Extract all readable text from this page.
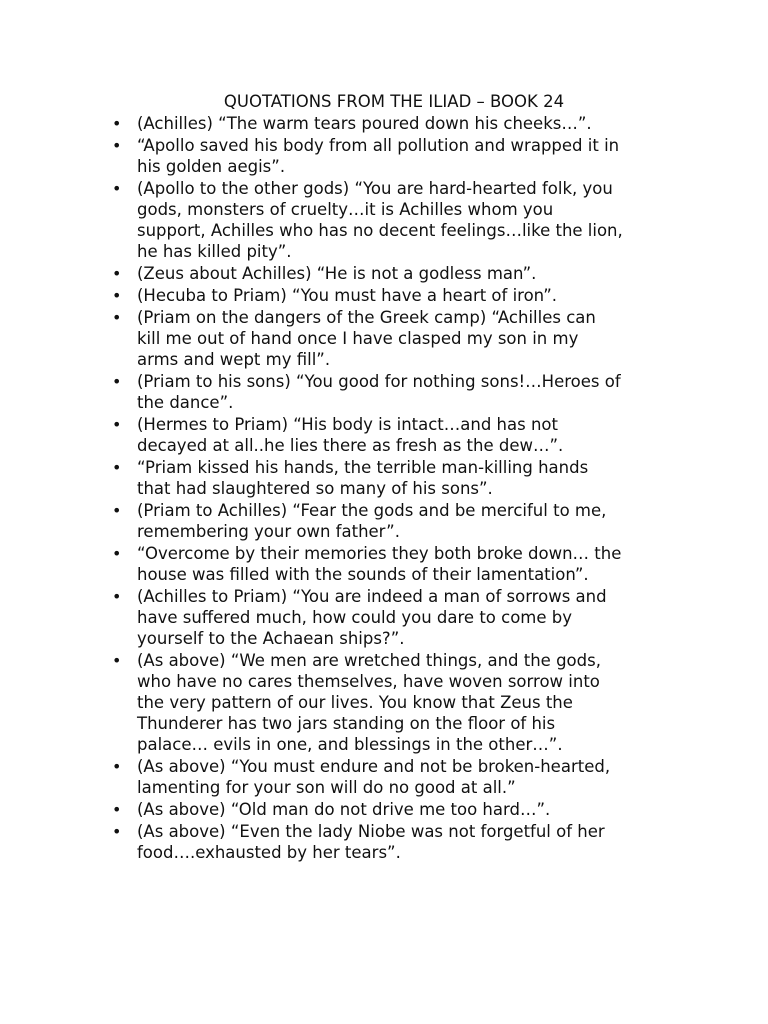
QUOTATIONS FROM THE ILIAD – BOOK 24
• (Achilles) “The warm tears poured down his cheeks…”.
• “Apollo saved his body from all pollution and wrapped it in
his golden aegis”.
• (Apollo to the other gods) “You are hard-hearted folk, you
gods, monsters of cruelty…it is Achilles whom you
support, Achilles who has no decent feelings…like the lion,
he has killed pity”.
• (Zeus about Achilles) “He is not a godless man”.
• (Hecuba to Priam) “You must have a heart of iron”.
• (Priam on the dangers of the Greek camp) “Achilles can
kill me out of hand once I have clasped my son in my
arms and wept my fill”.
• (Priam to his sons) “You good for nothing sons!…Heroes of
the dance”.
• (Hermes to Priam) “His body is intact…and has not
decayed at all..he lies there as fresh as the dew…”.
• “Priam kissed his hands, the terrible man-killing hands
that had slaughtered so many of his sons”.
• (Priam to Achilles) “Fear the gods and be merciful to me,
remembering your own father”.
• “Overcome by their memories they both broke down… the
house was filled with the sounds of their lamentation”.
• (Achilles to Priam) “You are indeed a man of sorrows and
have suffered much, how could you dare to come by
yourself to the Achaean ships?”.
• (As above) “We men are wretched things, and the gods,
who have no cares themselves, have woven sorrow into
the very pattern of our lives. You know that Zeus the
Thunderer has two jars standing on the floor of his
palace… evils in one, and blessings in the other…”.
• (As above) “You must endure and not be broken-hearted,
lamenting for your son will do no good at all.”
• (As above) “Old man do not drive me too hard…”.
• (As above) “Even the lady Niobe was not forgetful of her
food….exhausted by her tears”.
